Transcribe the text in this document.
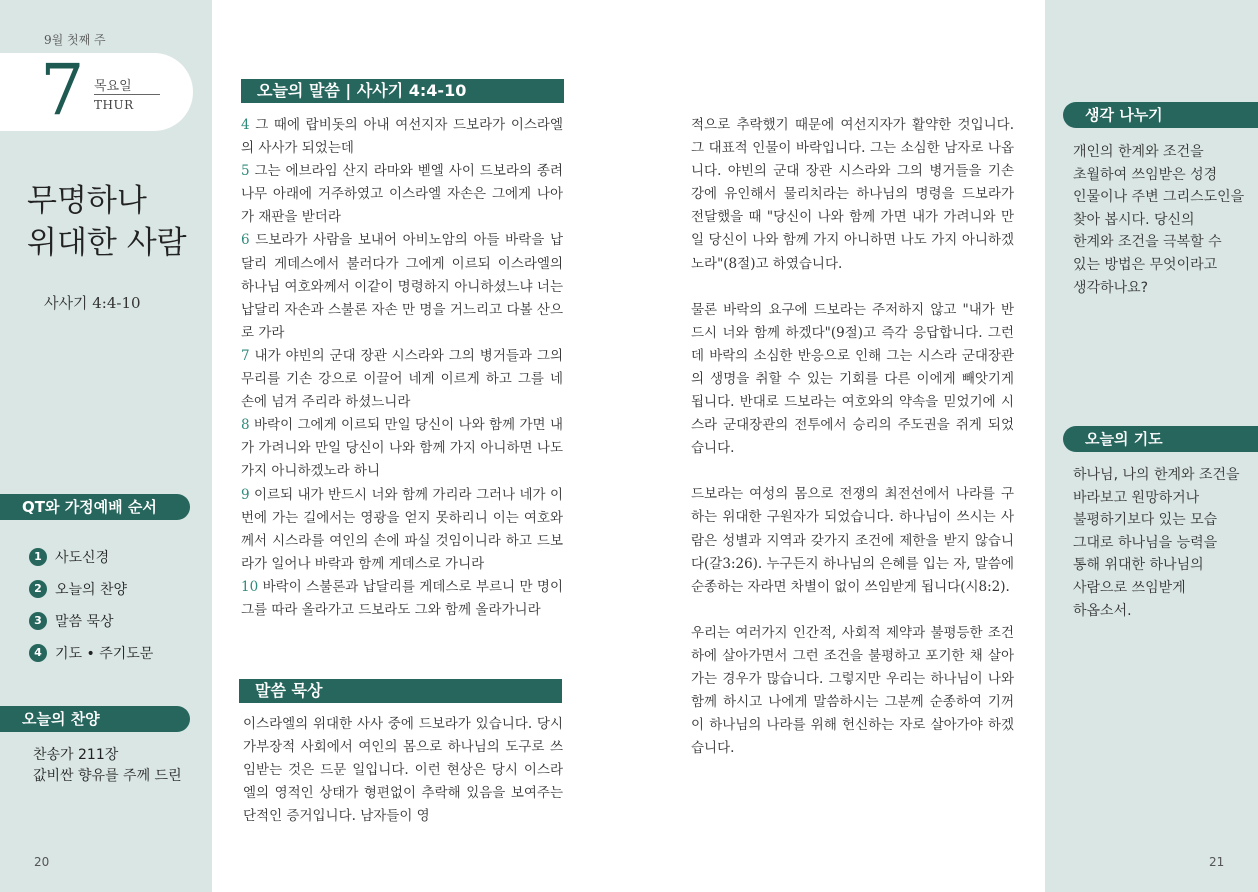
9월 첫째 주
7 목요일
THUR
무명하나
위대한 사람
사사기 4:4-10
QT와 가정예배 순서
1 사도신경
2 오늘의 찬양
3 말씀 묵상
4 기도 • 주기도문
오늘의 찬양
찬송가 211장
값비싼 향유를 주께 드린
20
오늘의 말씀 | 사사기 4:4-10

4 그 때에 랍비돗의 아내 여선지자 드보라가 이스라엘의 사사가 되었는데

5 그는 에브라임 산지 라마와 벧엘 사이 드보라의 종려나무 아래에 거주하였고 이스라엘 자손은 그에게 나아가 재판을 받더라

6 드보라가 사람을 보내어 아비노암의 아들 바락을 납달리 게데스에서 불러다가 그에게 이르되 이스라엘의 하나님 여호와께서 이같이 명령하지 아니하셨느냐 너는 납달리 자손과 스불론 자손 만 명을 거느리고 다볼 산으로 가라

7 내가 야빈의 군대 장관 시스라와 그의 병거들과 그의 무리를 기손 강으로 이끌어 네게 이르게 하고 그를 네 손에 넘겨 주리라 하셨느니라

8 바락이 그에게 이르되 만일 당신이 나와 함께 가면 내가 가려니와 만일 당신이 나와 함께 가지 아니하면 나도 가지 아니하겠노라 하니

9 이르되 내가 반드시 너와 함께 가리라 그러나 네가 이번에 가는 길에서는 영광을 얻지 못하리니 이는 여호와께서 시스라를 여인의 손에 파실 것임이니라 하고 드보라가 일어나 바락과 함께 게데스로 가니라

10 바락이 스불론과 납달리를 게데스로 부르니 만 명이 그를 따라 올라가고 드보라도 그와 함께 올라가니라

말씀 묵상

이스라엘의 위대한 사사 중에 드보라가 있습니다. 당시 가부장적 사회에서 여인의 몸으로 하나님의 도구로 쓰임받는 것은 드문 일입니다. 이런 현상은 당시 이스라엘의 영적인 상태가 형편없이 추락해 있음을 보여주는 단적인 증거입니다. 남자들이 영

적으로 추락했기 때문에 여선지자가 활약한 것입니다. 그 대표적 인물이 바락입니다. 그는 소심한 남자로 나옵니다. 야빈의 군대 장관 시스라와 그의 병거들을 기손 강에 유인해서 물리치라는 하나님의 명령을 드보라가 전달했을 때 "당신이 나와 함께 가면 내가 가려니와 만일 당신이 나와 함께 가지 아니하면 나도 가지 아니하겠노라"(8절)고 하였습니다.

물론 바락의 요구에 드보라는 주저하지 않고 "내가 반드시 너와 함께 하겠다"(9절)고 즉각 응답합니다. 그런데 바락의 소심한 반응으로 인해 그는 시스라 군대장관의 생명을 취할 수 있는 기회를 다른 이에게 빼앗기게 됩니다. 반대로 드보라는 여호와의 약속을 믿었기에 시스라 군대장관의 전투에서 승리의 주도권을 쥐게 되었습니다.

드보라는 여성의 몸으로 전쟁의 최전선에서 나라를 구하는 위대한 구원자가 되었습니다. 하나님이 쓰시는 사람은 성별과 지역과 갖가지 조건에 제한을 받지 않습니다(갈3:26). 누구든지 하나님의 은혜를 입는 자, 말씀에 순종하는 자라면 차별이 없이 쓰임받게 됩니다(시8:2).

우리는 여러가지 인간적, 사회적 제약과 불평등한 조건하에 살아가면서 그런 조건을 불평하고 포기한 채 살아가는 경우가 많습니다. 그렇지만 우리는 하나님이 나와 함께 하시고 나에게 말씀하시는 그분께 순종하여 기꺼이 하나님의 나라를 위해 헌신하는 자로 살아가야 하겠습니다.

생각 나누기
개인의 한계와 조건을
초월하여 쓰임받은 성경
인물이나 주변 그리스도인을
찾아 봅시다. 당신의
한계와 조건을 극복할 수
있는 방법은 무엇이라고
생각하나요?
오늘의 기도
하나님, 나의 한계와 조건을
바라보고 원망하거나
불평하기보다 있는 모습
그대로 하나님을 능력을
통해 위대한 하나님의
사람으로 쓰임받게
하옵소서.
21
